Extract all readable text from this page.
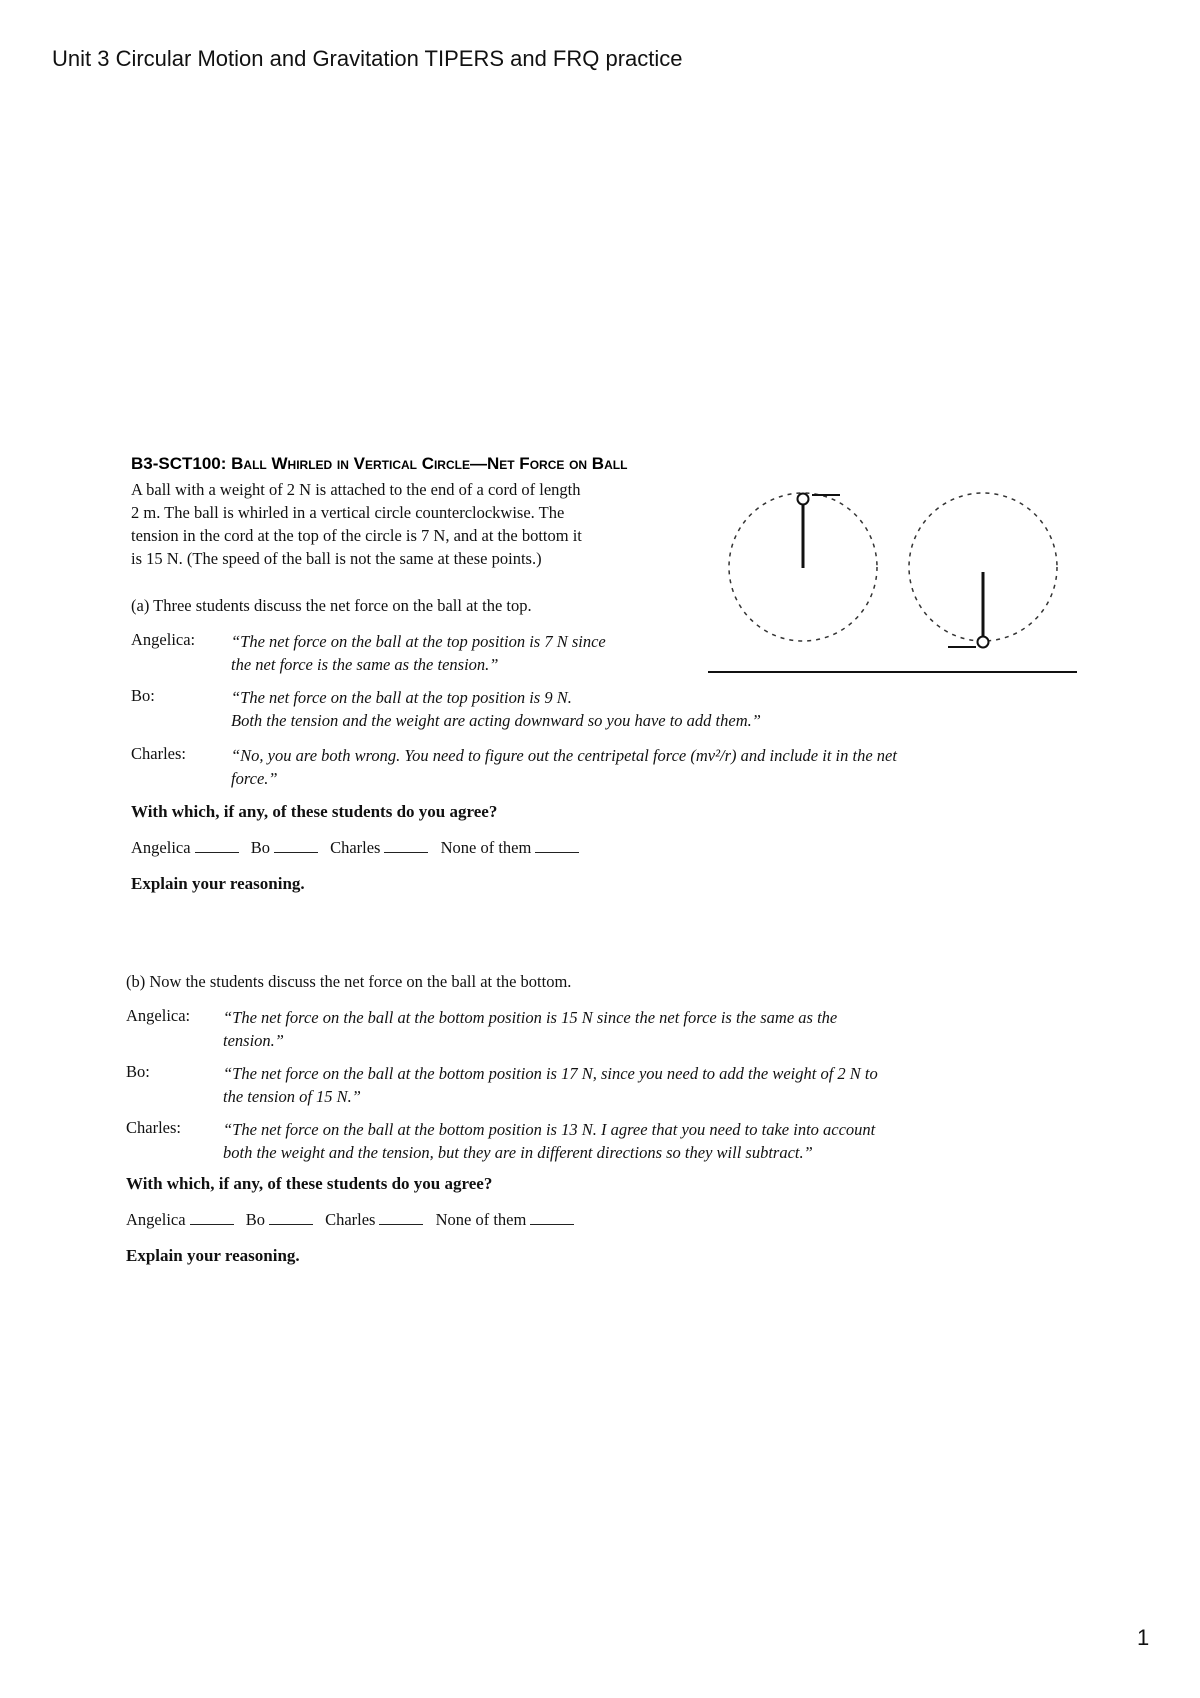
Unit 3 Circular Motion and Gravitation TIPERS and FRQ practice
B3-SCT100: Ball Whirled in Vertical Circle—Net Force on Ball
A ball with a weight of 2 N is attached to the end of a cord of length
2 m. The ball is whirled in a vertical circle counterclockwise. The
tension in the cord at the top of the circle is 7 N, and at the bottom it
is 15 N. (The speed of the ball is not the same at these points.)
(a) Three students discuss the net force on the ball at the top.
Angelica: “The net force on the ball at the top position is 7 N since
the net force is the same as the tension.”
Bo:	“The net force on the ball at the top position is 9 N.
Both the tension and the weight are acting downward so you have to add them.”
Charles:	“No, you are both wrong. You need to figure out the centripetal force (mv²/r) and include it in the net
force.”
With which, if any, of these students do you agree?
Angelica	Bo	Charles	None of them
Explain your reasoning.
(b) Now the students discuss the net force on the ball at the bottom.
Angelica: “The net force on the ball at the bottom position is 15 N since the net force is the same as the
tension.”
Bo:	“The net force on the ball at the bottom position is 17 N, since you need to add the weight of 2 N to
the tension of 15 N.”
Charles:	“The net force on the ball at the bottom position is 13 N. I agree that you need to take into account
both the weight and the tension, but they are in different directions so they will subtract.”
With which, if any, of these students do you agree?
Angelica	Bo	Charles	None of them
Explain your reasoning.
1
